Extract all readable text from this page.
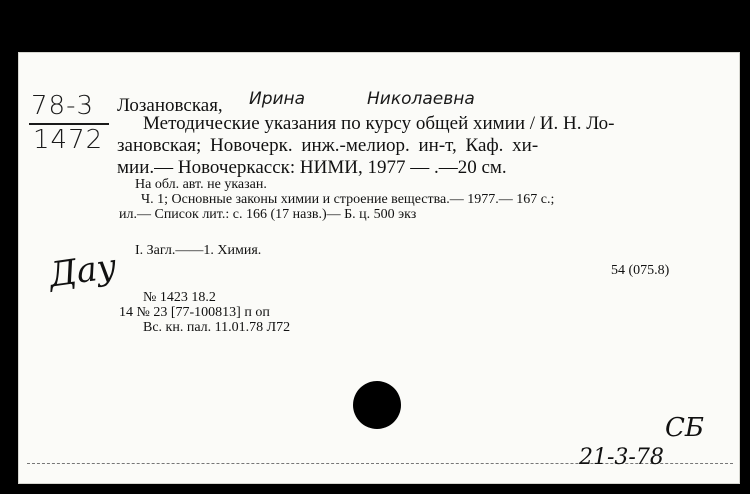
78-3
1472
Лозановская, Ирина	Николаевна
Методические указания по курсу общей химии / И. Н. Ло-
зановская; Новочерк. инж.-мелиор. ин-т, Каф. хи-
мии.— Новочеркасск: НИМИ, 1977 — .—20 см.
На обл. авт. не указан.
Ч. 1; Основные законы химии и строение вещества.— 1977.— 167 с.;
ил.— Список лит.: с. 166 (17 назв.)— Б. ц. 500 экз
I. Загл.——1. Химия.
54 (075.8)
№ 1423 18.2
14 № 23 [77-100813] п оп
Вс. кн. пал. 11.01.78 Л72
Дау
СБ
21-3-78
